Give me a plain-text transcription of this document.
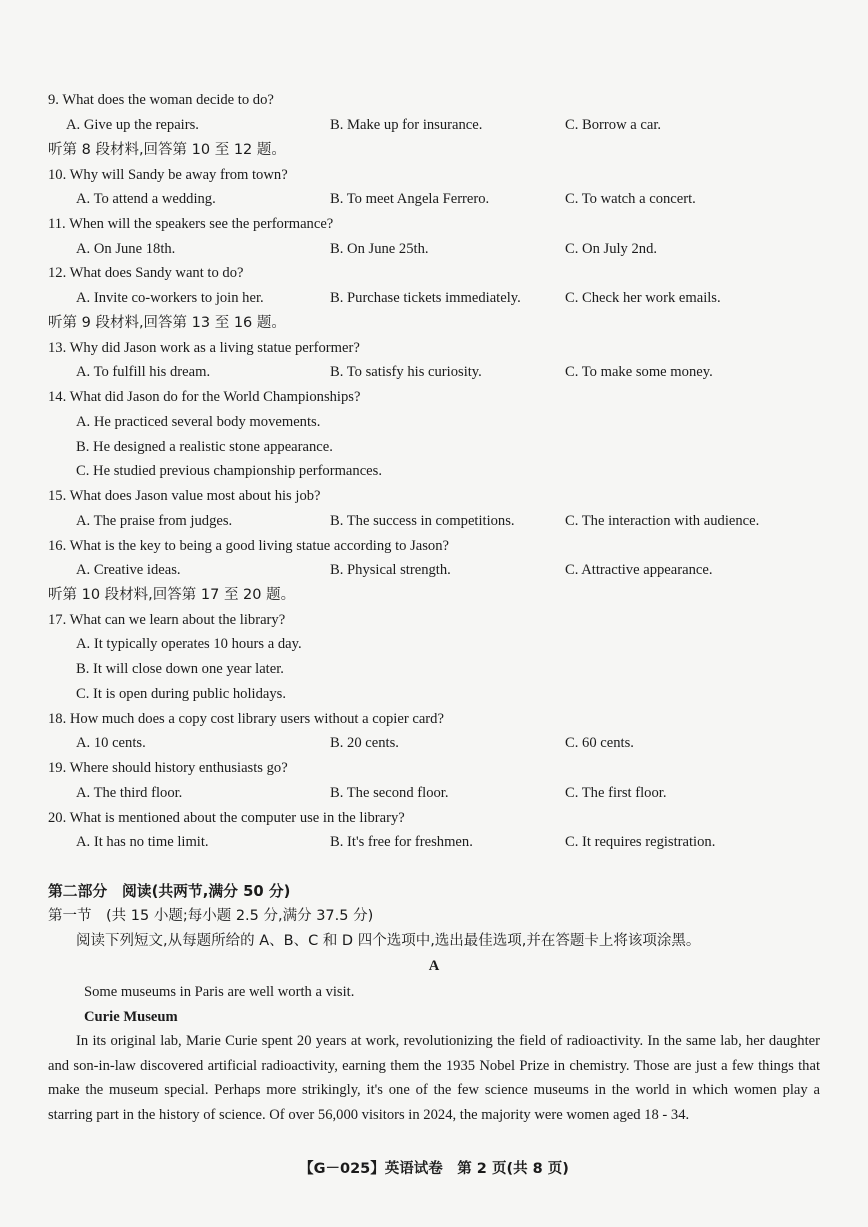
9. What does the woman decide to do?
A. Give up the repairs.	B. Make up for insurance.	C. Borrow a car.
听第 8 段材料,回答第 10 至 12 题。
10. Why will Sandy be away from town?
A. To attend a wedding.	B. To meet Angela Ferrero.	C. To watch a concert.
11. When will the speakers see the performance?
A. On June 18th.	B. On June 25th.	C. On July 2nd.
12. What does Sandy want to do?
A. Invite co-workers to join her.	B. Purchase tickets immediately.	C. Check her work emails.
听第 9 段材料,回答第 13 至 16 题。
13. Why did Jason work as a living statue performer?
A. To fulfill his dream.	B. To satisfy his curiosity.	C. To make some money.
14. What did Jason do for the World Championships?
A. He practiced several body movements.
B. He designed a realistic stone appearance.
C. He studied previous championship performances.
15. What does Jason value most about his job?
A. The praise from judges.	B. The success in competitions.	C. The interaction with audience.
16. What is the key to being a good living statue according to Jason?
A. Creative ideas.	B. Physical strength.	C. Attractive appearance.
听第 10 段材料,回答第 17 至 20 题。
17. What can we learn about the library?
A. It typically operates 10 hours a day.
B. It will close down one year later.
C. It is open during public holidays.
18. How much does a copy cost library users without a copier card?
A. 10 cents.	B. 20 cents.	C. 60 cents.
19. Where should history enthusiasts go?
A. The third floor.	B. The second floor.	C. The first floor.
20. What is mentioned about the computer use in the library?
A. It has no time limit.	B. It's free for freshmen.	C. It requires registration.
第二部分　阅读(共两节,满分 50 分)
第一节　(共 15 小题;每小题 2.5 分,满分 37.5 分)
阅读下列短文,从每题所给的 A、B、C 和 D 四个选项中,选出最佳选项,并在答题卡上将该项涂黑。
A
Some museums in Paris are well worth a visit.
Curie Museum
In its original lab, Marie Curie spent 20 years at work, revolutionizing the field of radioactivity. In the same lab, her daughter and son-in-law discovered artificial radioactivity, earning them the 1935 Nobel Prize in chemistry. Those are just a few things that make the museum special. Perhaps more strikingly, it's one of the few science museums in the world in which women play a starring part in the history of science. Of over 56,000 visitors in 2024, the majority were women aged 18 - 34.
【G－025】英语试卷　第 2 页(共 8 页)
